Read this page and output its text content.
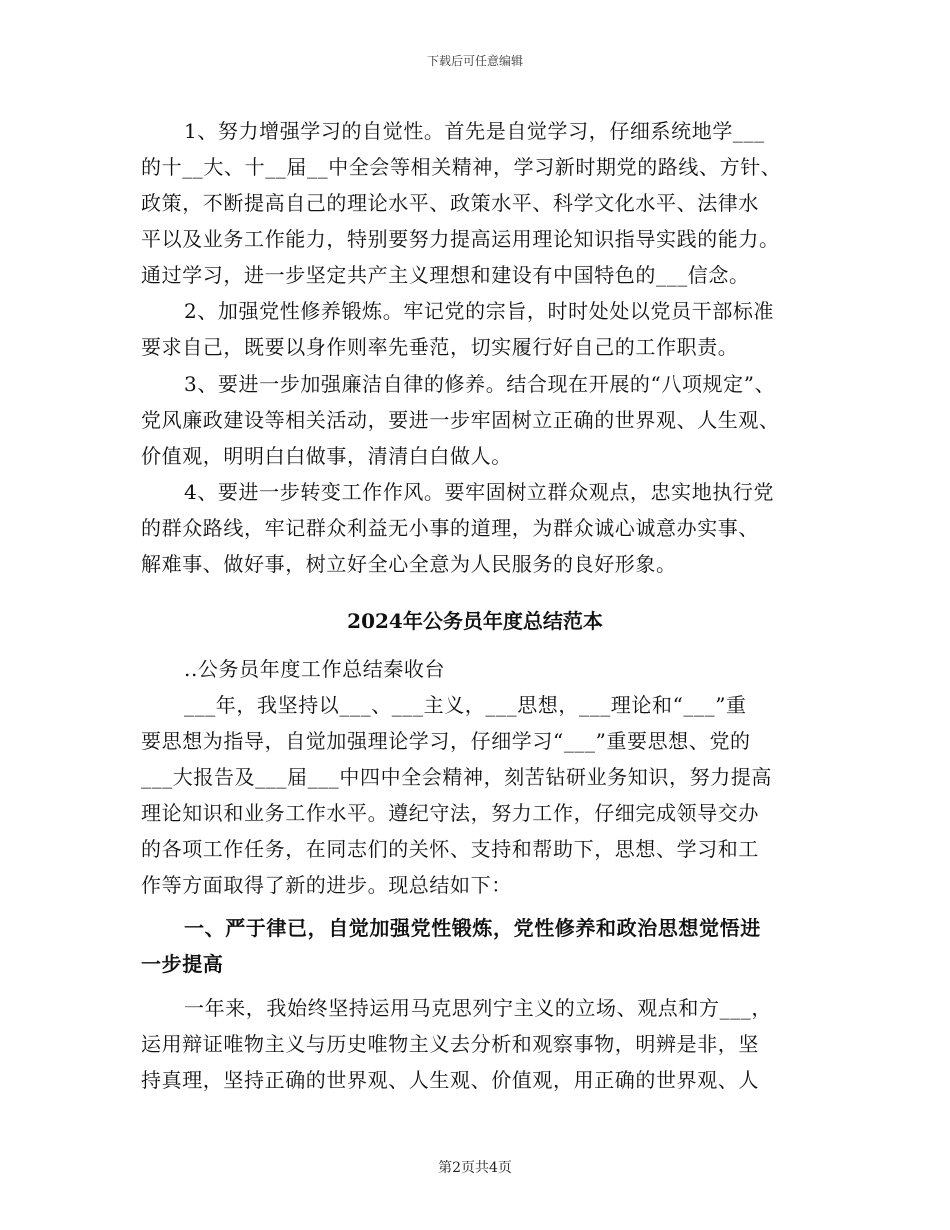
下载后可任意编辑
1、努力增强学习的自觉性。首先是自觉学习，仔细系统地学___
的十__大、十__届__中全会等相关精神，学习新时期党的路线、方针、
政策，不断提高自己的理论水平、政策水平、科学文化水平、法律水
平以及业务工作能力，特别要努力提高运用理论知识指导实践的能力。
通过学习，进一步坚定共产主义理想和建设有中国特色的___信念。
2、加强党性修养锻炼。牢记党的宗旨，时时处处以党员干部标准
要求自己，既要以身作则率先垂范，切实履行好自己的工作职责。
3、要进一步加强廉洁自律的修养。结合现在开展的“八项规定”、
党风廉政建设等相关活动，要进一步牢固树立正确的世界观、人生观、
价值观，明明白白做事，清清白白做人。
4、要进一步转变工作作风。要牢固树立群众观点，忠实地执行党
的群众路线，牢记群众利益无小事的道理，为群众诚心诚意办实事、
解难事、做好事，树立好全心全意为人民服务的良好形象。
2024年公务员年度总结范本
..公务员年度工作总结秦收台
___年，我坚持以___、___主义，___思想，___理论和“___”重
要思想为指导，自觉加强理论学习，仔细学习“___”重要思想、党的
___大报告及___届___中四中全会精神，刻苦钻研业务知识，努力提高
理论知识和业务工作水平。遵纪守法，努力工作，仔细完成领导交办
的各项工作任务，在同志们的关怀、支持和帮助下，思想、学习和工
作等方面取得了新的进步。现总结如下：
一、严于律已，自觉加强党性锻炼，党性修养和政治思想觉悟进
一步提高
一年来，我始终坚持运用马克思列宁主义的立场、观点和方___，
运用辩证唯物主义与历史唯物主义去分析和观察事物，明辨是非，坚
持真理，坚持正确的世界观、人生观、价值观，用正确的世界观、人
第2页共4页
